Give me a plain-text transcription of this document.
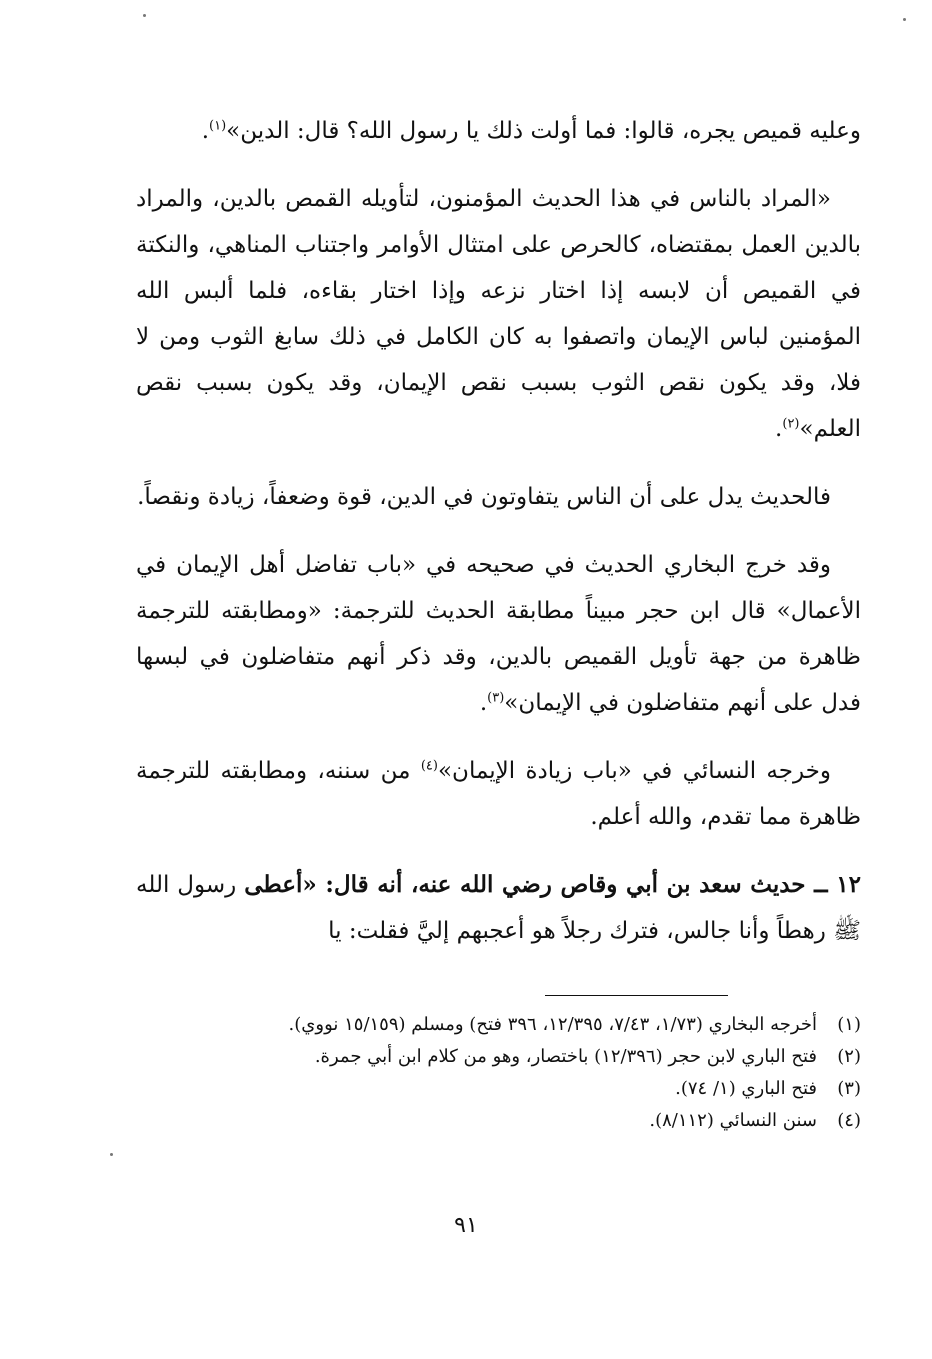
وعليه قميص يجره، قالوا: فما أولت ذلك يا رسول الله؟ قال: الدين»$^{(١)}$.

«المراد بالناس في هذا الحديث المؤمنون، لتأويله القمص بالدين، والمراد بالدين العمل بمقتضاه، كالحرص على امتثال الأوامر واجتناب المناهي، والنكتة في القميص أن لابسه إذا اختار نزعه وإذا اختار بقاءه، فلما ألبس الله المؤمنين لباس الإيمان واتصفوا به كان الكامل في ذلك سابغ الثوب ومن لا فلا، وقد يكون نقص الثوب بسبب نقص الإيمان، وقد يكون بسبب نقص العلم»$^{(٢)}$.

فالحديث يدل على أن الناس يتفاوتون في الدين، قوة وضعفاً، زيادة ونقصاً.

وقد خرج البخاري الحديث في صحيحه في «باب تفاضل أهل الإيمان في الأعمال» قال ابن حجر مبيناً مطابقة الحديث للترجمة: «ومطابقته للترجمة ظاهرة من جهة تأويل القميص بالدين، وقد ذكر أنهم متفاضلون في لبسها فدل على أنهم متفاضلون في الإيمان»$^{(٣)}$.

وخرجه النسائي في «باب زيادة الإيمان»$^{(٤)}$ من سننه، ومطابقته للترجمة ظاهرة مما تقدم، والله أعلم.

١٢ ــ حديث سعد بن أبي وقاص رضي الله عنه، أنه قال: «أعطى رسول الله ﷺ رهطاً وأنا جالس، فترك رجلاً هو أعجبهم إليَّ فقلت: يا

(١)
أخرجه البخاري (١/٧٣، ٧/٤٣، ١٢/٣٩٥، ٣٩٦ فتح) ومسلم (١٥/١٥٩ نووي).
(٢)
فتح الباري لابن حجر (١٢/٣٩٦) باختصار، وهو من كلام ابن أبي جمرة.
(٣)
فتح الباري (١/ ٧٤).
(٤)
سنن النسائي (٨/١١٢).
٩١
